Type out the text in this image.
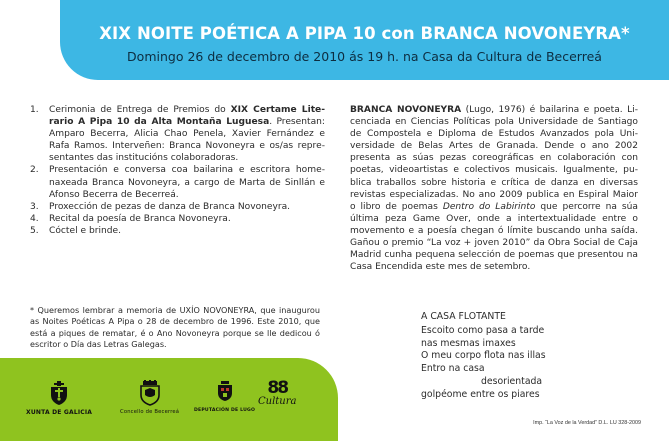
XIX NOITE POÉTICA A PIPA 10 con BRANCA NOVONEYRA*
Domingo 26 de decembro de 2010 ás 19 h. na Casa da Cultura de Becerreá
1. Cerimonia de Entrega de Premios do XIX Certame Literario A Pipa 10 da Alta Montaña Luguesa. Presentan: Amparo Becerra, Alicia Chao Penela, Xavier Fernández e Rafa Ramos. Interveñen: Branca Novoneyra e os/as representantes das institucións colaboradoras.
2. Presentación e conversa coa bailarina e escritora homenaxeada Branca Novoneyra, a cargo de Marta de Sinllán e Afonso Becerra de Becerreá.
3. Proxección de pezas de danza de Branca Novoneyra.
4. Recital da poesía de Branca Novoneyra.
5. Cóctel e brinde.
BRANCA NOVONEYRA (Lugo, 1976) é bailarina e poeta. Licenciada en Ciencias Políticas pola Universidade de Santiago de Compostela e Diploma de Estudos Avanzados pola Universidade de Belas Artes de Granada. Dende o ano 2002 presenta as súas pezas coreográficas en colaboración con poetas, videoartistas e colectivos musicais. Igualmente, publica traballos sobre historia e crítica de danza en diversas revistas especializadas. No ano 2009 publica en Espiral Maior o libro de poemas Dentro do Labirinto que percorre na súa última peza Game Over, onde a intertextualidade entre o movemento e a poesía chegan ó límite buscando unha saída. Gañou o premio “La voz + joven 2010” da Obra Social de Caja Madrid cunha pequena selección de poemas que presentou na Casa Encendida este mes de setembro.
* Queremos lembrar a memoria de UXÍO NOVONEYRA, que inaugurou as Noites Poéticas A Pipa o 28 de decembro de 1996. Este 2010, que está a piques de rematar, é o Ano Novoneyra porque se lle dedicou ó escritor o Día das Letras Galegas.
A CASA FLOTANTE
Escoito como pasa a tarde
nas mesmas imaxes
O meu corpo flota nas illas
Entro na casa
desorientada
golpéome entre os piares
XUNTA DE GALICIA	Concello de Becerreá	DEPUTACIÓN DE LUGO
88
Cultura
Imp. “La Voz de la Verdad” D.L. LU 328-2009
